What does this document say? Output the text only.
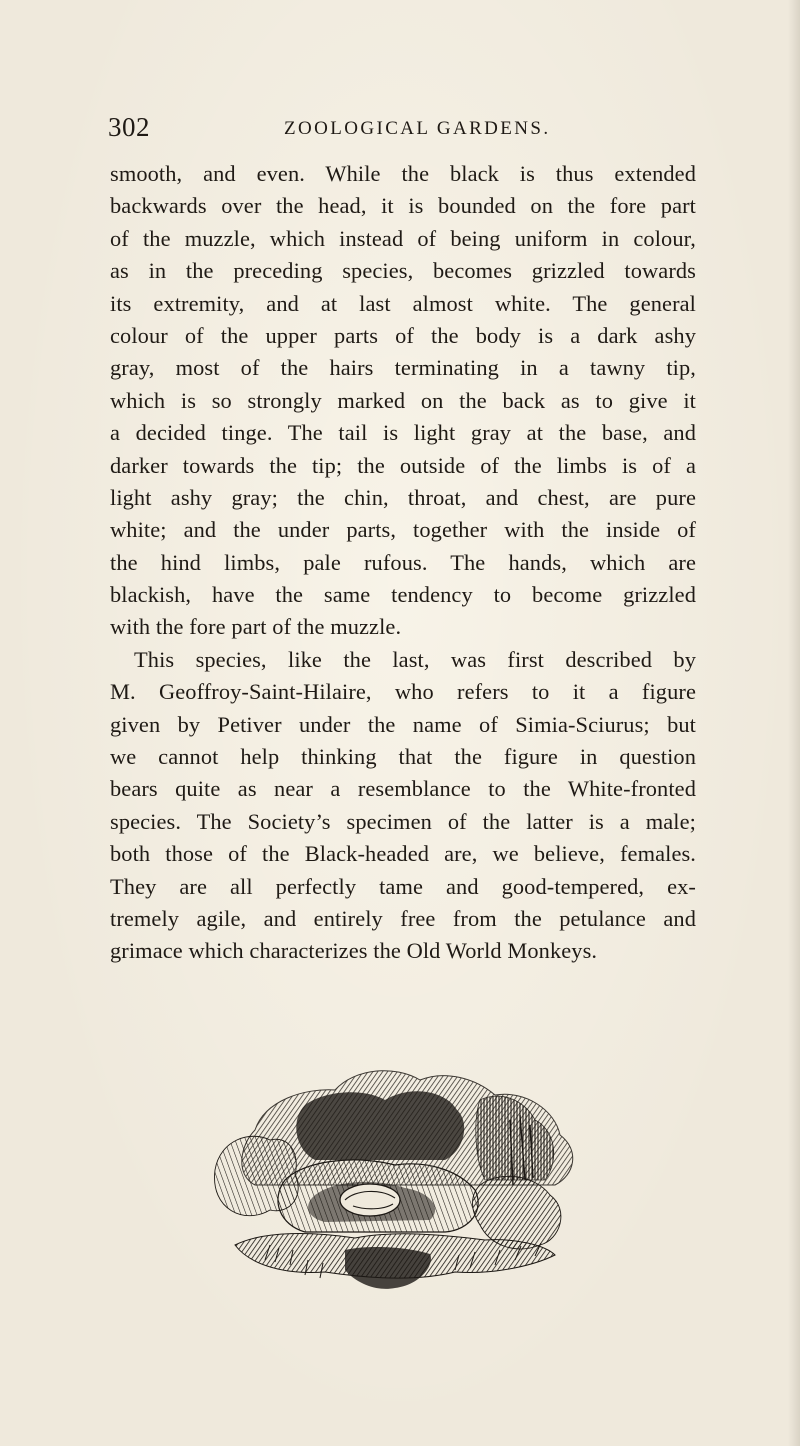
302	ZOOLOGICAL GARDENS.
smooth, and even. While the black is thus extended
backwards over the head, it is bounded on the fore part
of the muzzle, which instead of being uniform in colour,
as in the preceding species, becomes grizzled towards
its extremity, and at last almost white. The general
colour of the upper parts of the body is a dark ashy
gray, most of the hairs terminating in a tawny tip,
which is so strongly marked on the back as to give it
a decided tinge. The tail is light gray at the base, and
darker towards the tip; the outside of the limbs is of a
light ashy gray; the chin, throat, and chest, are pure
white; and the under parts, together with the inside of
the hind limbs, pale rufous. The hands, which are
blackish, have the same tendency to become grizzled
with the fore part of the muzzle.
This species, like the last, was first described by
M. Geoffroy-Saint-Hilaire, who refers to it a figure
given by Petiver under the name of Simia-Sciurus; but
we cannot help thinking that the figure in question
bears quite as near a resemblance to the White-fronted
species. The Society’s specimen of the latter is a male;
both those of the Black-headed are, we believe, females.
They are all perfectly tame and good-tempered, ex-
tremely agile, and entirely free from the petulance and
grimace which characterizes the Old World Monkeys.
